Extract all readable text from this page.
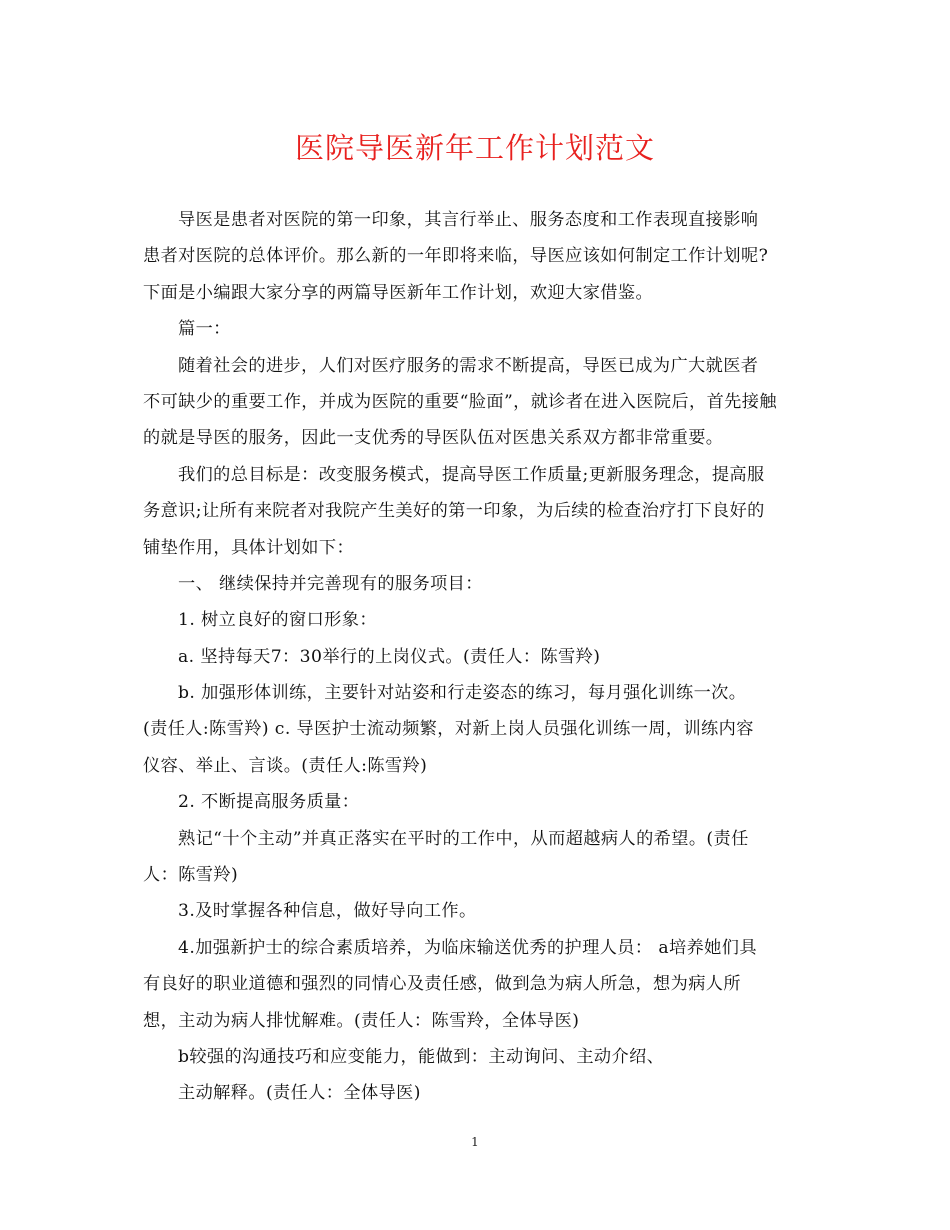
医院导医新年工作计划范文
导医是患者对医院的第一印象，其言行举止、服务态度和工作表现直接影响
患者对医院的总体评价。那么新的一年即将来临，导医应该如何制定工作计划呢?
下面是小编跟大家分享的两篇导医新年工作计划，欢迎大家借鉴。
篇一：
随着社会的进步，人们对医疗服务的需求不断提高，导医已成为广大就医者
不可缺少的重要工作，并成为医院的重要“脸面”，就诊者在进入医院后，首先接触
的就是导医的服务，因此一支优秀的导医队伍对医患关系双方都非常重要。
我们的总目标是：改变服务模式，提高导医工作质量;更新服务理念，提高服
务意识;让所有来院者对我院产生美好的第一印象，为后续的检查治疗打下良好的
铺垫作用，具体计划如下：
一、 继续保持并完善现有的服务项目：
1. 树立良好的窗口形象：
a. 坚持每天7：30举行的上岗仪式。(责任人：陈雪羚)
b. 加强形体训练，主要针对站姿和行走姿态的练习，每月强化训练一次。
(责任人:陈雪羚) c. 导医护士流动频繁，对新上岗人员强化训练一周，训练内容
仪容、举止、言谈。(责任人:陈雪羚)
2. 不断提高服务质量：
熟记“十个主动”并真正落实在平时的工作中，从而超越病人的希望。(责任
人：陈雪羚)
3.及时掌握各种信息，做好导向工作。
4.加强新护士的综合素质培养，为临床输送优秀的护理人员： a培养她们具
有良好的职业道德和强烈的同情心及责任感，做到急为病人所急，想为病人所
想，主动为病人排忧解难。(责任人：陈雪羚，全体导医)
b较强的沟通技巧和应变能力，能做到：主动询问、主动介绍、
主动解释。(责任人：全体导医)
1
